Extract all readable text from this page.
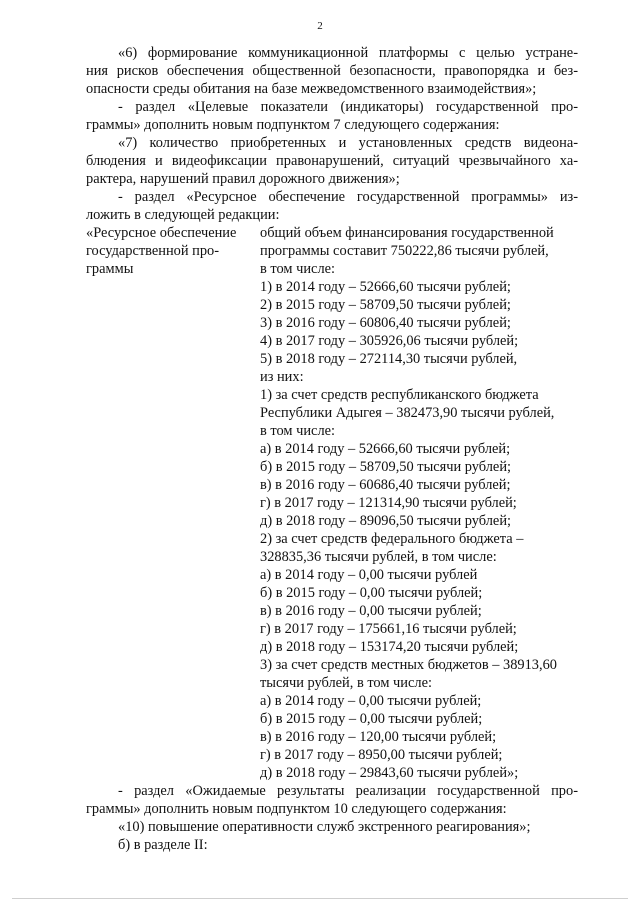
2
«6) формирование коммуникационной платформы с целью устране-
ния рисков обеспечения общественной безопасности, правопорядка и без-
опасности среды обитания на базе межведомственного взаимодействия»;
- раздел «Целевые показатели (индикаторы) государственной про-
граммы» дополнить новым подпунктом 7 следующего содержания:
«7) количество приобретенных и установленных средств видеона-
блюдения и видеофиксации правонарушений, ситуаций чрезвычайного ха-
рактера, нарушений правил дорожного движения»;
- раздел «Ресурсное обеспечение государственной программы» из-
ложить в следующей редакции:
«Ресурсное обеспечение
государственной про-
граммы
общий объем финансирования государственной
программы составит 750222,86 тысячи рублей,
в том числе:
1) в 2014 году – 52666,60 тысячи рублей;
2) в 2015 году – 58709,50 тысячи рублей;
3) в 2016 году – 60806,40 тысячи рублей;
4) в 2017 году – 305926,06 тысячи рублей;
5) в 2018 году – 272114,30 тысячи рублей,
из них:
1) за счет средств республиканского бюджета
Республики Адыгея – 382473,90 тысячи рублей,
в том числе:
а) в 2014 году – 52666,60 тысячи рублей;
б) в 2015 году – 58709,50 тысячи рублей;
в) в 2016 году – 60686,40 тысячи рублей;
г) в 2017 году – 121314,90 тысячи рублей;
д) в 2018 году – 89096,50 тысячи рублей;
2) за счет средств федерального бюджета –
328835,36 тысячи рублей, в том числе:
а) в 2014 году – 0,00 тысячи рублей
б) в 2015 году – 0,00 тысячи рублей;
в) в 2016 году – 0,00 тысячи рублей;
г) в 2017 году – 175661,16 тысячи рублей;
д) в 2018 году – 153174,20 тысячи рублей;
3) за счет средств местных бюджетов – 38913,60
тысячи рублей, в том числе:
а) в 2014 году – 0,00 тысячи рублей;
б) в 2015 году – 0,00 тысячи рублей;
в) в 2016 году – 120,00 тысячи рублей;
г) в 2017 году – 8950,00 тысячи рублей;
д) в 2018 году – 29843,60 тысячи рублей»;
- раздел «Ожидаемые результаты реализации государственной про-
граммы» дополнить новым подпунктом 10 следующего содержания:
«10) повышение оперативности служб экстренного реагирования»;
б) в разделе II:
